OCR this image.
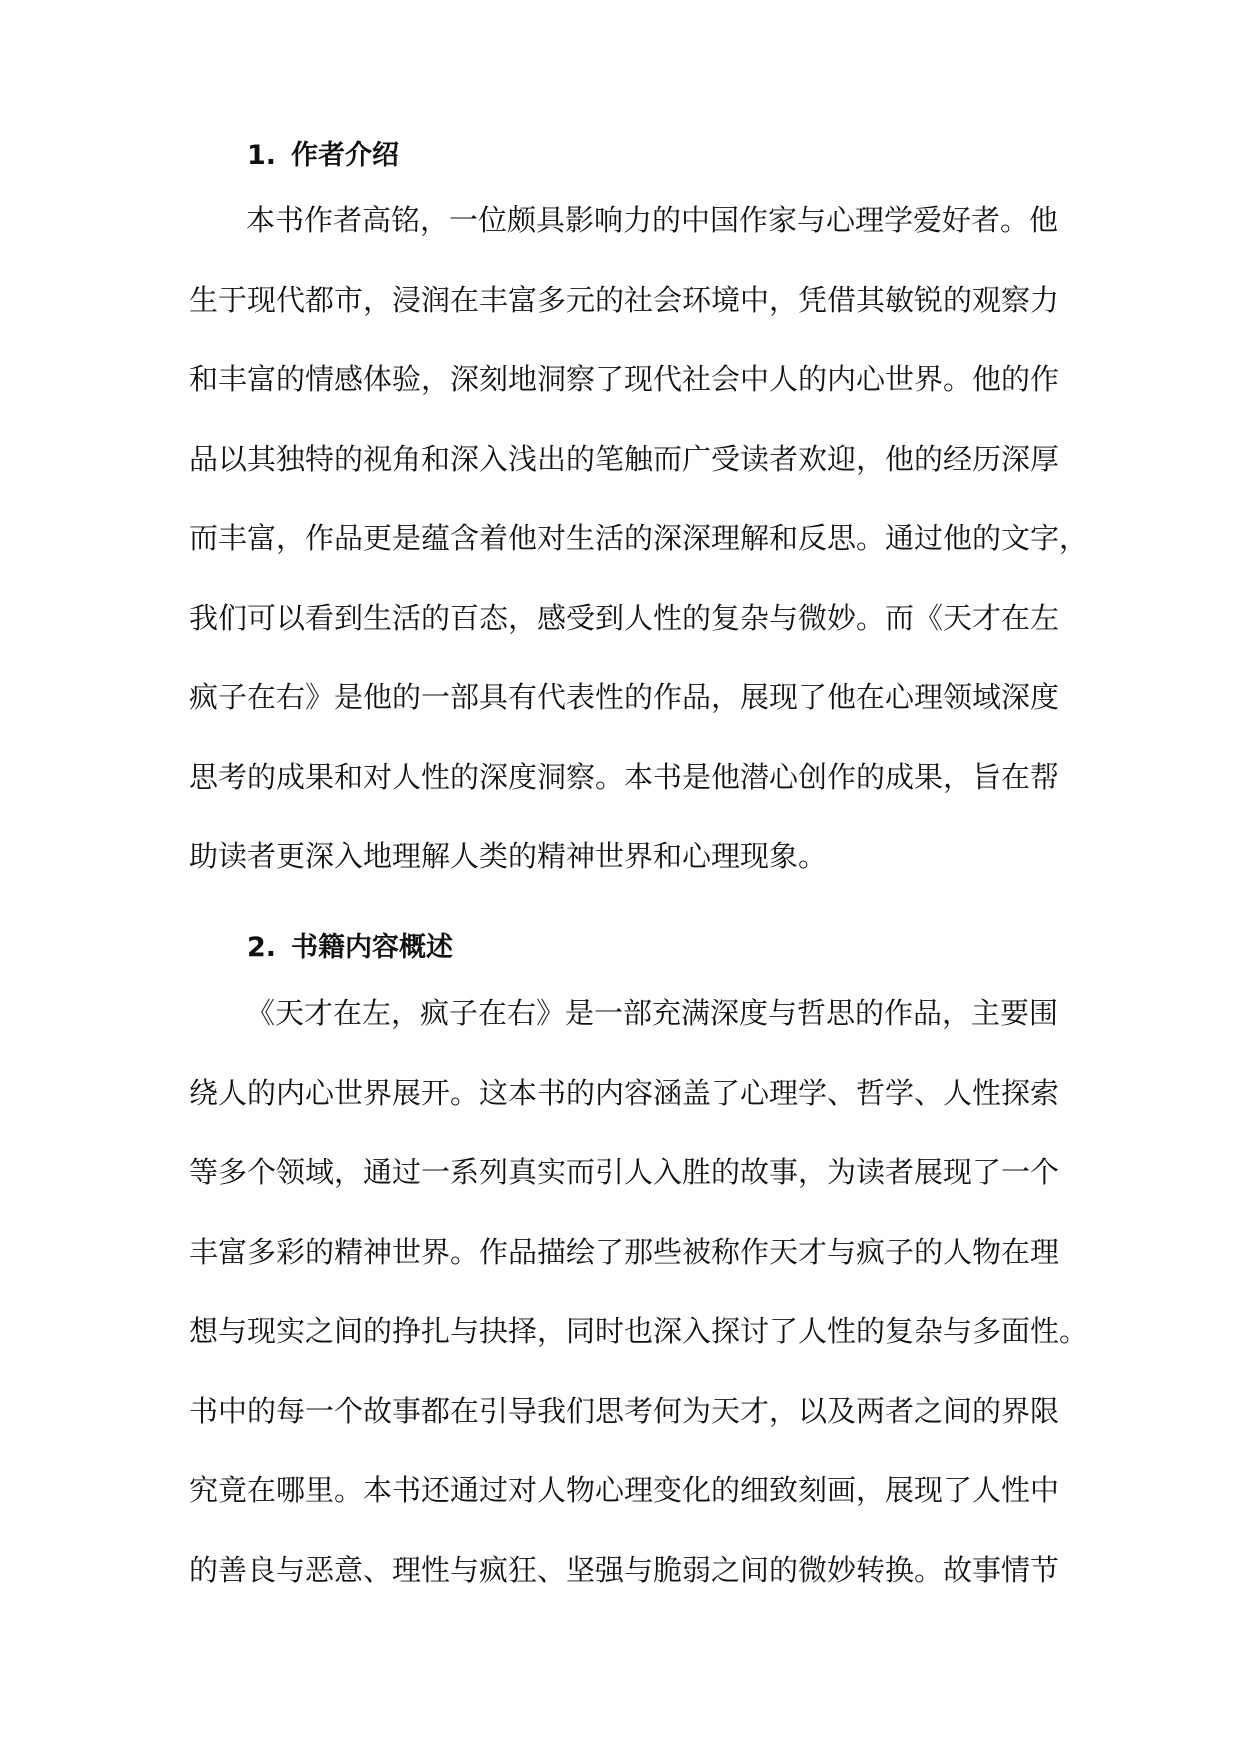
1. 作者介绍
本书作者高铭，一位颇具影响力的中国作家与心理学爱好者。他
生于现代都市，浸润在丰富多元的社会环境中，凭借其敏锐的观察力
和丰富的情感体验，深刻地洞察了现代社会中人的内心世界。他的作
品以其独特的视角和深入浅出的笔触而广受读者欢迎，他的经历深厚
而丰富，作品更是蕴含着他对生活的深深理解和反思。通过他的文字，
我们可以看到生活的百态，感受到人性的复杂与微妙。而《天才在左
疯子在右》是他的一部具有代表性的作品，展现了他在心理领域深度
思考的成果和对人性的深度洞察。本书是他潜心创作的成果，旨在帮
助读者更深入地理解人类的精神世界和心理现象。
2. 书籍内容概述
《天才在左，疯子在右》是一部充满深度与哲思的作品，主要围
绕人的内心世界展开。这本书的内容涵盖了心理学、哲学、人性探索
等多个领域，通过一系列真实而引人入胜的故事，为读者展现了一个
丰富多彩的精神世界。作品描绘了那些被称作天才与疯子的人物在理
想与现实之间的挣扎与抉择，同时也深入探讨了人性的复杂与多面性。
书中的每一个故事都在引导我们思考何为天才，以及两者之间的界限
究竟在哪里。本书还通过对人物心理变化的细致刻画，展现了人性中
的善良与恶意、理性与疯狂、坚强与脆弱之间的微妙转换。故事情节
